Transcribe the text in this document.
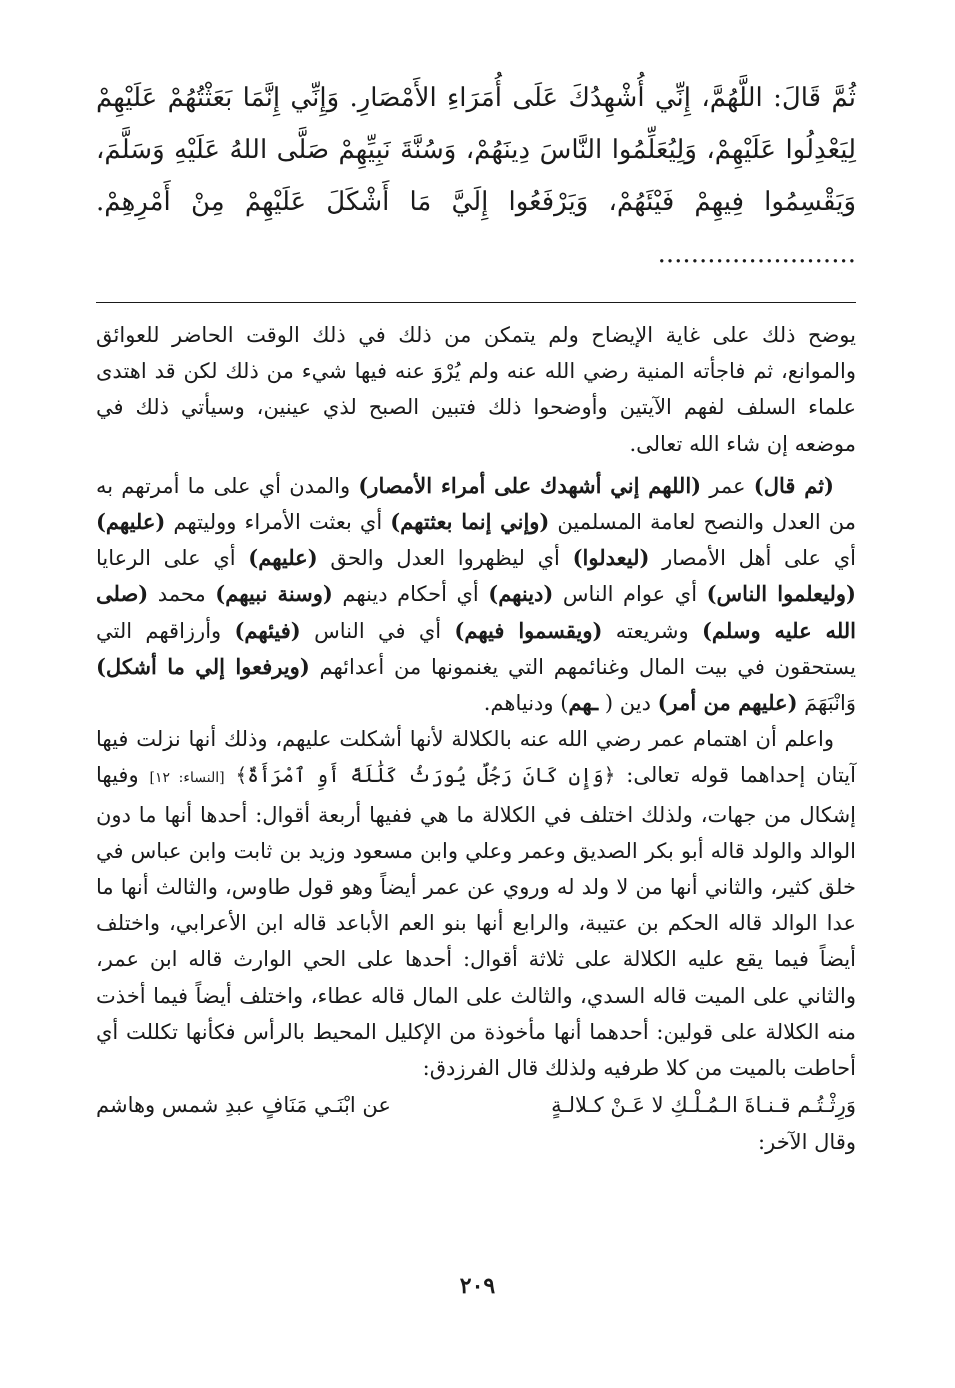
ثُمَّ قَالَ: اللَّهُمَّ، إِنِّي أُشْهِدُكَ عَلَى أُمَرَاءِ الأَمْصَارِ. وَإِنِّي إِنَّمَا بَعَثْتُهُمْ عَلَيْهِمْ لِيَعْدِلُوا عَلَيْهِمْ، وَلِيُعَلِّمُوا النَّاسَ دِينَهُمْ، وَسُنَّةَ نَبِيِّهِمْ صَلَّى اللهُ عَلَيْهِ وَسَلَّمَ، وَيَقْسِمُوا فِيهِمْ فَيْئَهُمْ، وَيَرْفَعُوا إِلَيَّ مَا أَشْكَلَ عَلَيْهِمْ مِنْ أَمْرِهِمْ. ........................

يوضح ذلك على غاية الإيضاح ولم يتمكن من ذلك في ذلك الوقت الحاضر للعوائق والموانع، ثم فاجأته المنية رضي الله عنه ولم يُرْوَ عنه فيها شيء من ذلك لكن قد اهتدى علماء السلف لفهم الآيتين وأوضحوا ذلك فتبين الصبح لذي عينين، وسيأتي ذلك في موضعه إن شاء الله تعالى.

(ثم قال) عمر (اللهم إني أشهدك على أمراء الأمصار) والمدن أي على ما أمرتهم به من العدل والنصح لعامة المسلمين (وإني إنما بعثتهم) أي بعثت الأمراء ووليتهم (عليهم) أي على أهل الأمصار (ليعدلوا) أي ليظهروا العدل والحق (عليهم) أي على الرعايا (وليعلموا الناس) أي عوام الناس (دينهم) أي أحكام دينهم (وسنة نبيهم) محمد (صلى الله عليه وسلم) وشريعته (ويقسموا فيهم) أي في الناس (فيئهم) وأرزاقهم التي يستحقون في بيت المال وغنائمهم التي يغنمونها من أعدائهم (ويرفعوا إلي ما أشكل) وَانْبَهَمَ (عليهم من أمر) دين ( ـهم) ودنياهم.

واعلم أن اهتمام عمر رضي الله عنه بالكلالة لأنها أشكلت عليهم، وذلك أنها نزلت فيها آيتان إحداهما قوله تعالى: ﴿وَإِن كَانَ رَجُلٌ يُورَثُ كَلَٰلَةً أَوِ ٱمْرَأَةٌ﴾ [النساء: ١٢] وفيها إشكال من جهات، ولذلك اختلف في الكلالة ما هي ففيها أربعة أقوال: أحدها أنها ما دون الوالد والولد قاله أبو بكر الصديق وعمر وعلي وابن مسعود وزيد بن ثابت وابن عباس في خلق كثير، والثاني أنها من لا ولد له وروي عن عمر أيضاً وهو قول طاوس، والثالث أنها ما عدا الوالد قاله الحكم بن عتيبة، والرابع أنها بنو العم الأباعد قاله ابن الأعرابي، واختلف أيضاً فيما يقع عليه الكلالة على ثلاثة أقوال: أحدها على الحي الوارث قاله ابن عمر، والثاني على الميت قاله السدي، والثالث على المال قاله عطاء، واختلف أيضاً فيما أخذت منه الكلالة على قولين: أحدهما أنها مأخوذة من الإكليل المحيط بالرأس فكأنها تكللت أي أحاطت بالميت من كلا طرفيه ولذلك قال الفرزدق:

وَرِثْـتُـم قـنـاةَ الـمُـلْـكِ لا عَـنْ كـلالـةٍ
عن ابْنَـي مَنَافٍ عبدِ شمس وهاشم

وقال الآخر:

٢٠٩
